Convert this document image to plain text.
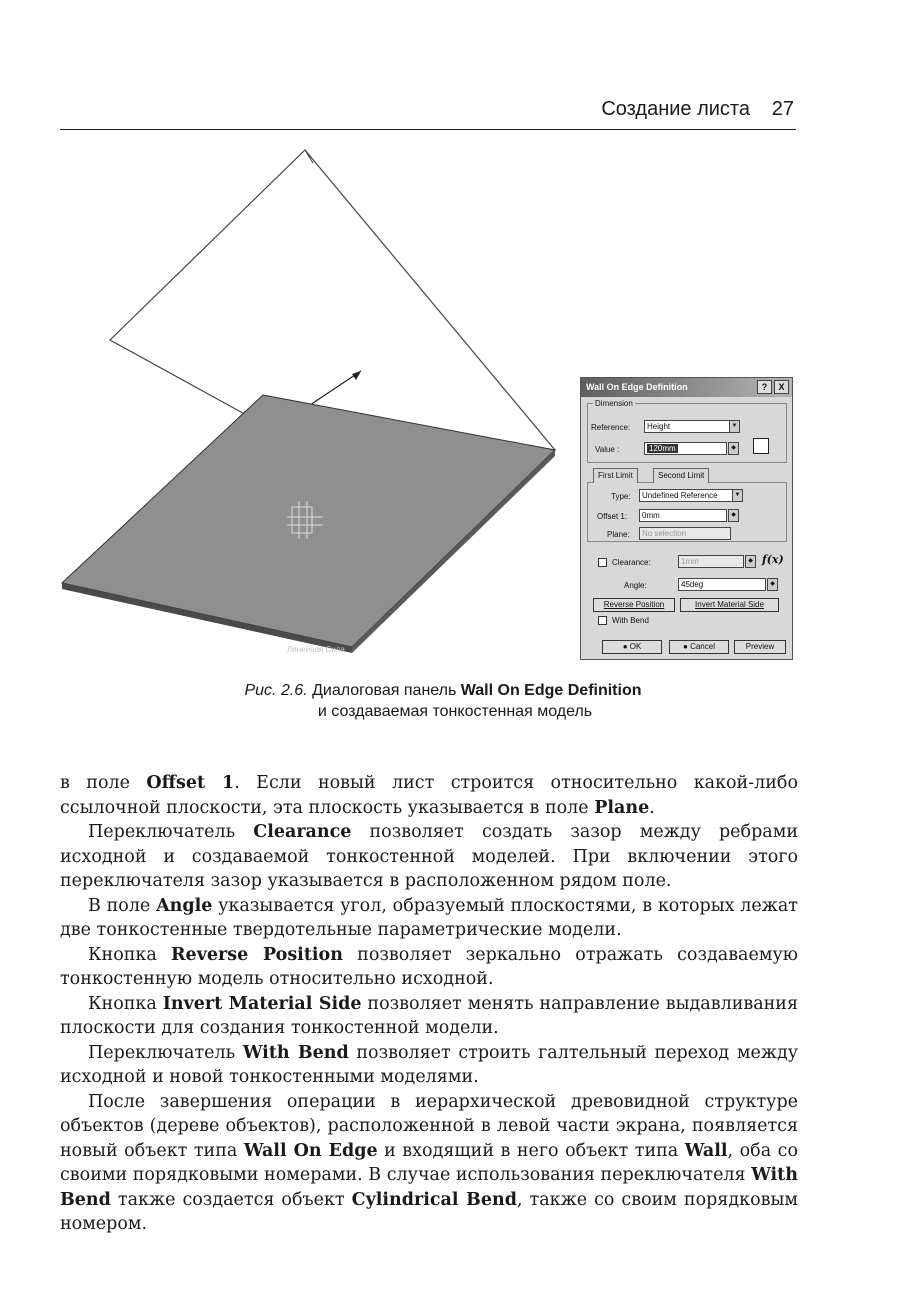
Создание листа 27
Линейная Сила
Wall On Edge Definition	?	X
Dimension
Reference:	Height	▼
Value :	120mm	◆
First Limit	Second Limit
Type:	Undefined Reference	▼
Offset 1:	0mm	◆
Plane:	No selection
Clearance:	1mm	◆ f(x)
Angle:	45deg	◆
Reverse Position	Invert Material Side
With Bend
● OK	● Cancel	Preview
Рис. 2.6. Диалоговая панель Wall On Edge Definition
и создаваемая тонкостенная модель

в поле Offset 1. Если новый лист строится относительно какой-либо ссылочной плоскости, эта плоскость указывается в поле Plane.

Переключатель Clearance позволяет создать зазор между ребрами исходной и создаваемой тонкостенной моделей. При включении этого переключателя зазор указывается в расположенном рядом поле.

В поле Angle указывается угол, образуемый плоскостями, в которых лежат две тонкостенные твердотельные параметрические модели.

Кнопка Reverse Position позволяет зеркально отражать создаваемую тонкостенную модель относительно исходной.

Кнопка Invert Material Side позволяет менять направление выдавливания плоскости для создания тонкостенной модели.

Переключатель With Bend позволяет строить галтельный переход между исходной и новой тонкостенными моделями.

После завершения операции в иерархической древовидной структуре объектов (дереве объектов), расположенной в левой части экрана, появляется новый объект типа Wall On Edge и входящий в него объект типа Wall, оба со своими порядковыми номерами. В случае использования переключателя With Bend также создается объект Cylindrical Bend, также со своим порядковым номером.
